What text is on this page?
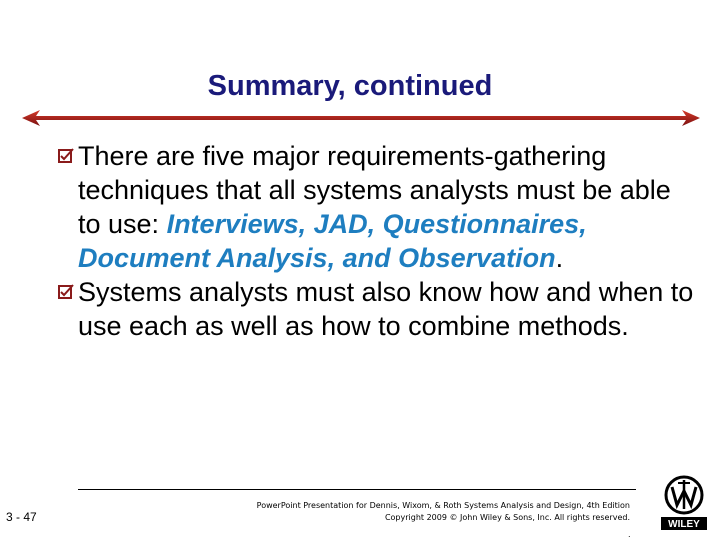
Summary, continued
There are five major requirements-gathering techniques that all systems analysts must be able to use: Interviews, JAD, Questionnaires, Document Analysis, and Observation.
Systems analysts must also know how and when to use each as well as how to combine methods.
3 - 47
PowerPoint Presentation for Dennis, Wixom, & Roth Systems Analysis and Design, 4th Edition
Copyright 2009 © John Wiley & Sons, Inc. All rights reserved.
.
WILEY
